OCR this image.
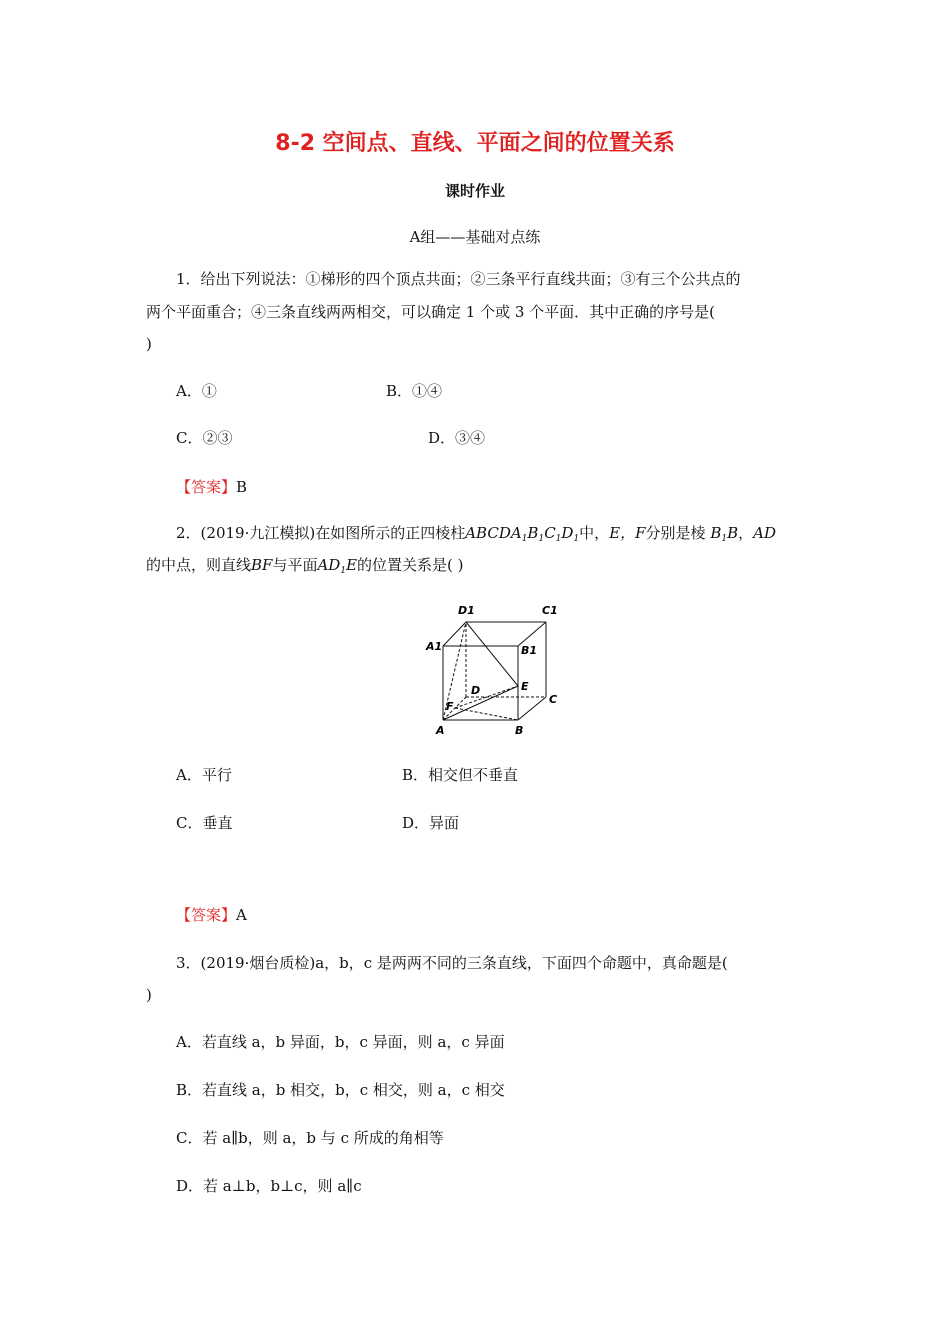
8-2 空间点、直线、平面之间的位置关系
课时作业
A组——基础对点练
1．给出下列说法：①梯形的四个顶点共面；②三条平行直线共面；③有三个公共点的
两个平面重合；④三条直线两两相交，可以确定 1 个或 3 个平面．其中正确的序号是(
)
A．①	B．①④
C．②③	D．③④
【答案】B
2．(2019·九江模拟)在如图所示的正四棱柱$ABCDA_1B_1C_1D_1$中，E，F分别是棱 $B_1B$，AD
的中点，则直线BF与平面$AD_1E$的位置关系是( )
D1	C1
A1	B1
D	E
C
F
A	B
A．平行	B．相交但不垂直
C．垂直	D．异面
【答案】A
3．(2019·烟台质检)a，b，c 是两两不同的三条直线，下面四个命题中，真命题是(
)
A．若直线 a，b 异面，b，c 异面，则 a，c 异面
B．若直线 a，b 相交，b，c 相交，则 a，c 相交
C．若 a∥b，则 a，b 与 c 所成的角相等
D．若 a⊥b，b⊥c，则 a∥c
